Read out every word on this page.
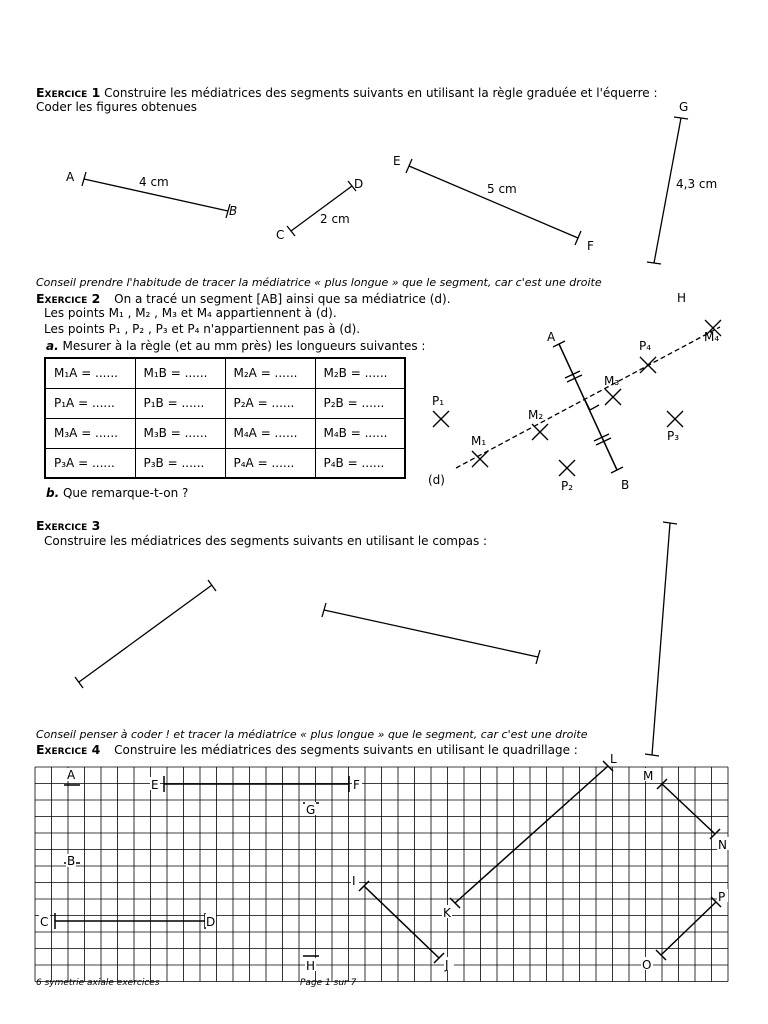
Exercice 1 Construire les médiatrices des segments suivants en utilisant la règle graduée et l'équerre :
Coder les figures obtenues
Conseil prendre l'habitude de tracer la médiatrice « plus longue » que le segment, car c'est une droite
Exercice 2 On a tracé un segment [AB] ainsi que sa médiatrice (d).
Les points M₁ , M₂ , M₃ et M₄ appartiennent à (d).
Les points P₁ , P₂ , P₃ et P₄ n'appartiennent pas à (d).
a. Mesurer à la règle (et au mm près) les longueurs suivantes :
M₁A = ......	M₁B = ......	M₂A = ......	M₂B = ......
P₁A = ......	P₁B = ......	P₂A = ......	P₂B = ......
M₃A = ......	M₃B = ......	M₄A = ......	M₄B = ......
P₃A = ......	P₃B = ......	P₄A = ......	P₄B = ......
b. Que remarque-t-on ?
Exercice 3
Construire les médiatrices des segments suivants en utilisant le compas :
Conseil penser à coder ! et tracer la médiatrice « plus longue » que le segment, car c'est une droite
Exercice 4 Construire les médiatrices des segments suivants en utilisant le quadrillage :
6 symetrie axiale exercices	Page 1 sur 7
A
B
C
D
E
F
G
H
4 cm
2 cm
5 cm	4,3 cm
A
B
(d)
M₁
M₂
M₃
M₄
P₁
P₂
P₃
P₄
A
B
C	D
E	F
G
H
I
J
K
L
M
N
O
P
